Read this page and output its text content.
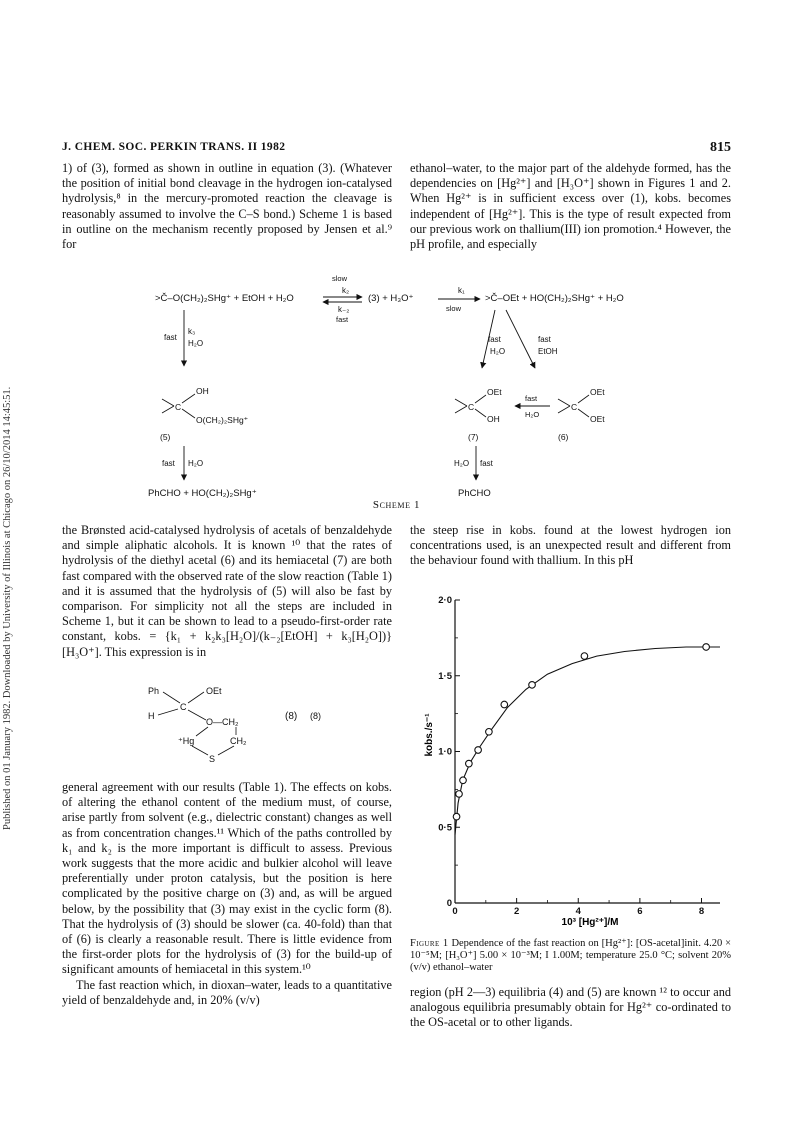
Published on 01 January 1982. Downloaded by University of Illinois at Chicago on 26/10/2014 14:45:51.
J. CHEM. SOC. PERKIN TRANS. II 1982	815

1) of (3), formed as shown in outline in equation (3). (Whatever the position of initial bond cleavage in the hydrogen ion-catalysed hydrolysis,⁸ in the mercury-promoted reaction the cleavage is reasonably assumed to involve the C–S bond.) Scheme 1 is based in outline on the mechanism recently proposed by Jensen et al.⁹ for

ethanol–water, to the major part of the aldehyde formed, has the dependencies on [Hg²⁺] and [H₃O⁺] shown in Figures 1 and 2. When Hg²⁺ is in sufficient excess over (1), kobs. becomes independent of [Hg²⁺]. This is the type of result expected from our previous work on thallium(III) ion promotion.⁴ However, the pH profile, and especially

>Č–O(CH₂)₂SHg⁺ + EtOH + H₂O
slow
k₂
k₋₂
fast
(3) + H₃O⁺
k₁
slow
>Č–OEt + HO(CH₂)₂SHg⁺ + H₂O
fast
k₃
H₂O
C
OH
O(CH₂)₂SHg⁺
(5)
fast H₂O
PhCHO + HO(CH₂)₂SHg⁺
fast
H₂O
fast
EtOH
C
OEt
OH
(7)
fast
H₂O
C
OEt
OEt
(6)
H₂O fast
PhCHO
Scheme 1

the Brønsted acid-catalysed hydrolysis of acetals of benzaldehyde and simple aliphatic alcohols. It is known ¹⁰ that the rates of hydrolysis of the diethyl acetal (6) and its hemiacetal (7) are both fast compared with the observed rate of the slow reaction (Table 1) and it is assumed that the hydrolysis of (5) will also be fast by comparison. For simplicity not all the steps are included in Scheme 1, but it can be shown to lead to a pseudo-first-order rate constant, kobs. = {k₁ + k₂k₃[H₂O]/(k₋₂[EtOH] + k₃[H₂O])}[H₃O⁺]. This expression is in

Ph	OEt
C
H
O—CH₂
(8)
⁺Hg	CH₂
S
(8)

general agreement with our results (Table 1). The effects on kobs. of altering the ethanol content of the medium must, of course, arise partly from solvent (e.g., dielectric constant) changes as well as from concentration changes.¹¹ Which of the paths controlled by k₁ and k₂ is the more important is difficult to assess. Previous work suggests that the more acidic and bulkier alcohol will leave preferentially under proton catalysis, but the position is here complicated by the positive charge on (3) and, as will be argued below, by the possibility that (3) may exist in the cyclic form (8). That the hydrolysis of (3) should be slower (ca. 40-fold) than that of (6) is clearly a reasonable result. There is little evidence from the first-order plots for the hydrolysis of (3) for the build-up of significant amounts of hemiacetal in this system.¹⁰

The fast reaction which, in dioxan–water, leads to a quantitative yield of benzaldehyde and, in 20% (v/v)

the steep rise in kobs. found at the lowest hydrogen ion concentrations used, is an unexpected result and different from the behaviour found with thallium. In this pH

0	2	4	6	8
0
0·5
1·0
1·5
2·0
10³ [Hg²⁺]/M
kobs./s⁻¹
Figure 1 Dependence of the fast reaction on [Hg²⁺]: [OS-acetal]init. 4.20 × 10⁻⁵M; [H₃O⁺] 5.00 × 10⁻³M; I 1.00M; temperature 25.0 °C; solvent 20% (v/v) ethanol–water

region (pH 2—3) equilibria (4) and (5) are known ¹² to occur and analogous equilibria presumably obtain for Hg²⁺ co-ordinated to the OS-acetal or to other ligands.
